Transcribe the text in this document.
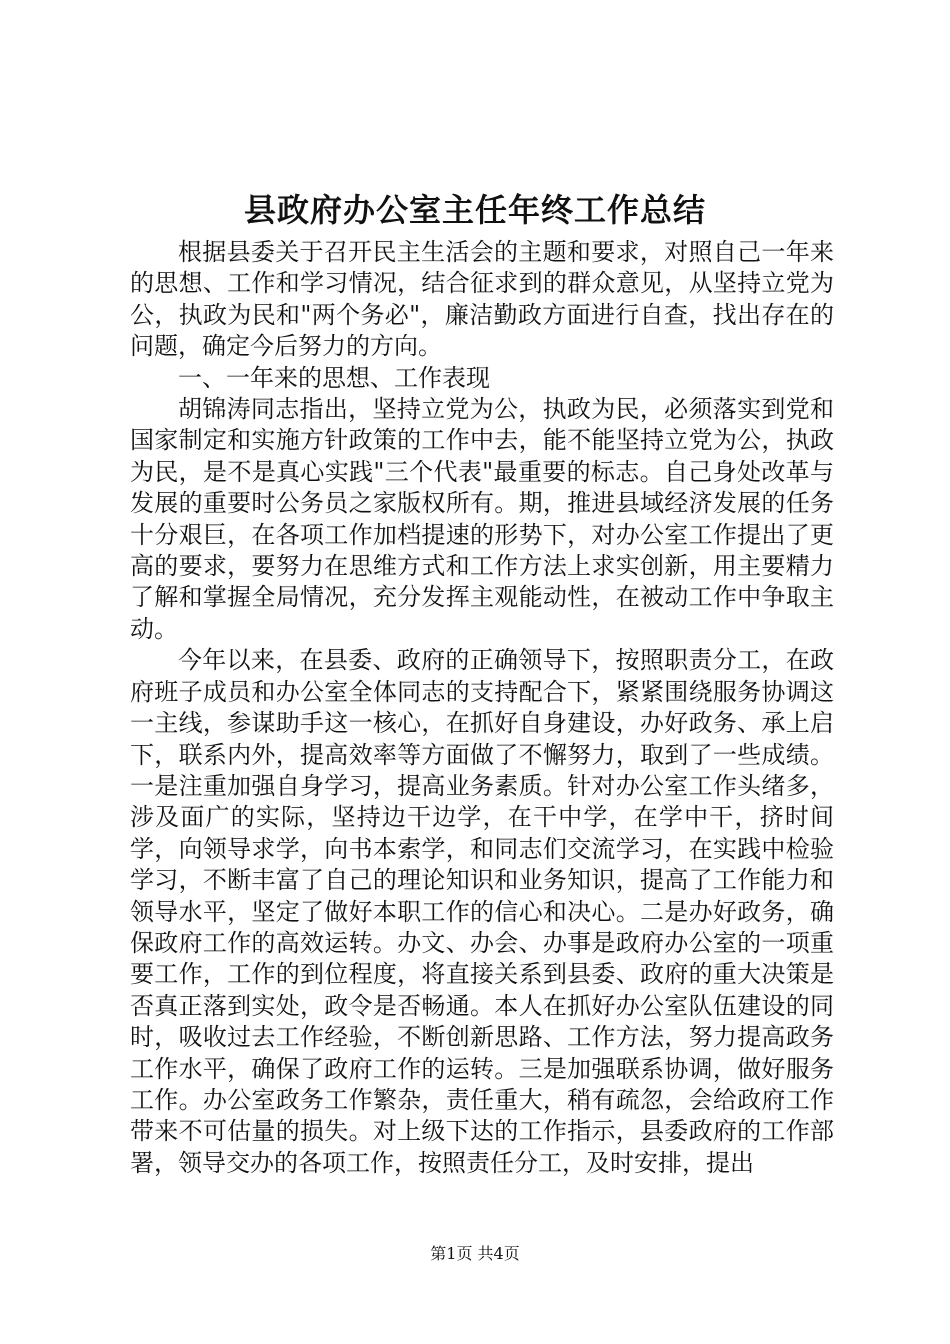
县政府办公室主任年终工作总结

根据县委关于召开民主生活会的主题和要求，对照自己一年来的思想、工作和学习情况，结合征求到的群众意见，从坚持立党为公，执政为民和"两个务必"，廉洁勤政方面进行自查，找出存在的问题，确定今后努力的方向。

一、一年来的思想、工作表现

胡锦涛同志指出，坚持立党为公，执政为民，必须落实到党和国家制定和实施方针政策的工作中去，能不能坚持立党为公，执政为民，是不是真心实践"三个代表"最重要的标志。自己身处改革与发展的重要时公务员之家版权所有。期，推进县域经济发展的任务十分艰巨，在各项工作加档提速的形势下，对办公室工作提出了更高的要求，要努力在思维方式和工作方法上求实创新，用主要精力了解和掌握全局情况，充分发挥主观能动性，在被动工作中争取主动。

今年以来，在县委、政府的正确领导下，按照职责分工，在政府班子成员和办公室全体同志的支持配合下，紧紧围绕服务协调这一主线，参谋助手这一核心，在抓好自身建设，办好政务、承上启下，联系内外，提高效率等方面做了不懈努力，取到了一些成绩。一是注重加强自身学习，提高业务素质。针对办公室工作头绪多，涉及面广的实际，坚持边干边学，在干中学，在学中干，挤时间学，向领导求学，向书本索学，和同志们交流学习，在实践中检验学习，不断丰富了自己的理论知识和业务知识，提高了工作能力和领导水平，坚定了做好本职工作的信心和决心。二是办好政务，确保政府工作的高效运转。办文、办会、办事是政府办公室的一项重要工作，工作的到位程度，将直接关系到县委、政府的重大决策是否真正落到实处，政令是否畅通。本人在抓好办公室队伍建设的同时，吸收过去工作经验，不断创新思路、工作方法，努力提高政务工作水平，确保了政府工作的运转。三是加强联系协调，做好服务工作。办公室政务工作繁杂，责任重大，稍有疏忽，会给政府工作带来不可估量的损失。对上级下达的工作指示，县委政府的工作部署，领导交办的各项工作，按照责任分工，及时安排，提出

第1页 共4页
